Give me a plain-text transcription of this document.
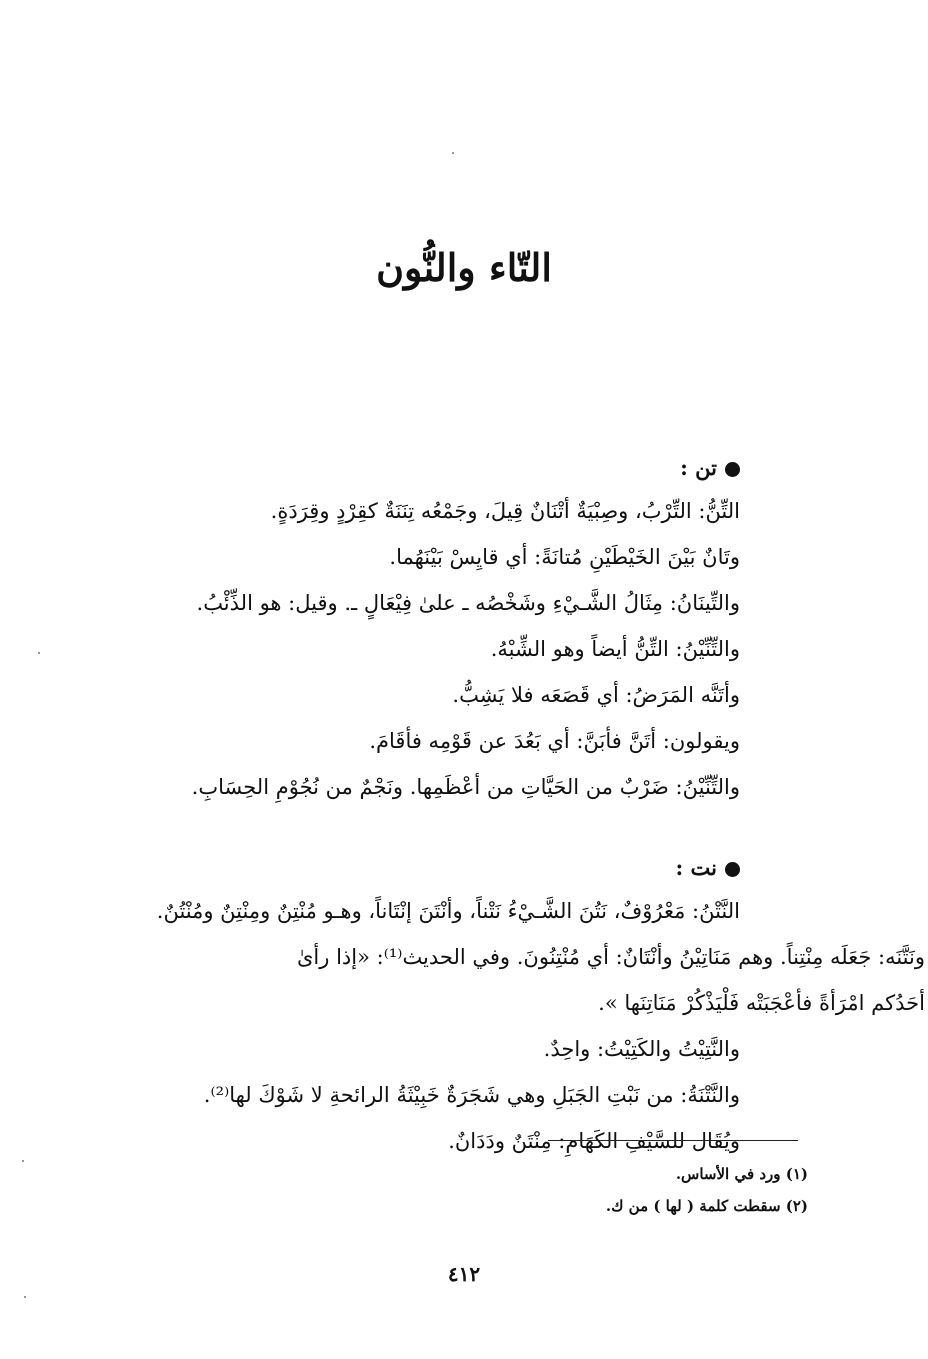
التّاء والنُّون
تن :
التِّنُّ: التِّرْبُ، وصِبْيَةٌ أتْنَانٌ قِيلَ، وجَمْعُه تِنَنَةٌ كقِرْدٍ وقِرَدَةٍ.
وتَانٌ بَيْنَ الخَيْطَيْنِ مُتانَةً: أي قايِسْ بَيْنَهُما.
والتِّينَانُ: مِثَالُ الشَّـيْءِ وشَخْصُه ـ علىٰ فِيْعَالٍ ـ. وقيل: هو الذِّئْبُ.
والتِّنِّيْنُ: التِّنُّ أيضاً وهو الشِّبْهُ.
وأتَنَّه المَرَضُ: أي قَصَعَه فلا يَشِبُّ.
ويقولون: أتَنَّ فأبَنَّ: أي بَعُدَ عن قَوْمِه فأقَامَ.
والتِّنِّيْنُ: ضَرْبٌ من الحَيَّاتِ من أعْظَمِها. ونَجْمٌ من نُجُوْمِ الحِسَابِ.
نت :
النَّتْنُ: مَعْرُوْفٌ، نَتُنَ الشَّـيْءُ نَتْناً، وأنْتَنَ إنْتَاناً، وهـو مُنْتِنٌ ومِنْتِنٌ ومُنْتُنٌ.
ونَتَّنَه: جَعَلَه مِنْتِناً. وهم مَنَاتِيْنُ وأنْتَانٌ: أي مُنْتِنُونَ. وفي الحديث⁽¹⁾: «إذا رأىٰ
أحَدُكم امْرَأةً فأعْجَبَتْه فَلْيَذْكُرْ مَنَاتِنَها ».
والنَّتِيْتُ والكَتِيْتُ: واحِدٌ.
والنَّتْنَةُ: من نَبْتِ الجَبَلِ وهي شَجَرَةٌ خَبِيْثَةُ الرائحةِ لا شَوْكَ لها⁽²⁾.
ويُقَال للسَّيْفِ الكَهَامِ: مِنْتَنٌ ودَدَانٌ.
(١) ورد في الأساس.
(٢) سقطت كلمة ( لها ) من ك.
٤١٢
